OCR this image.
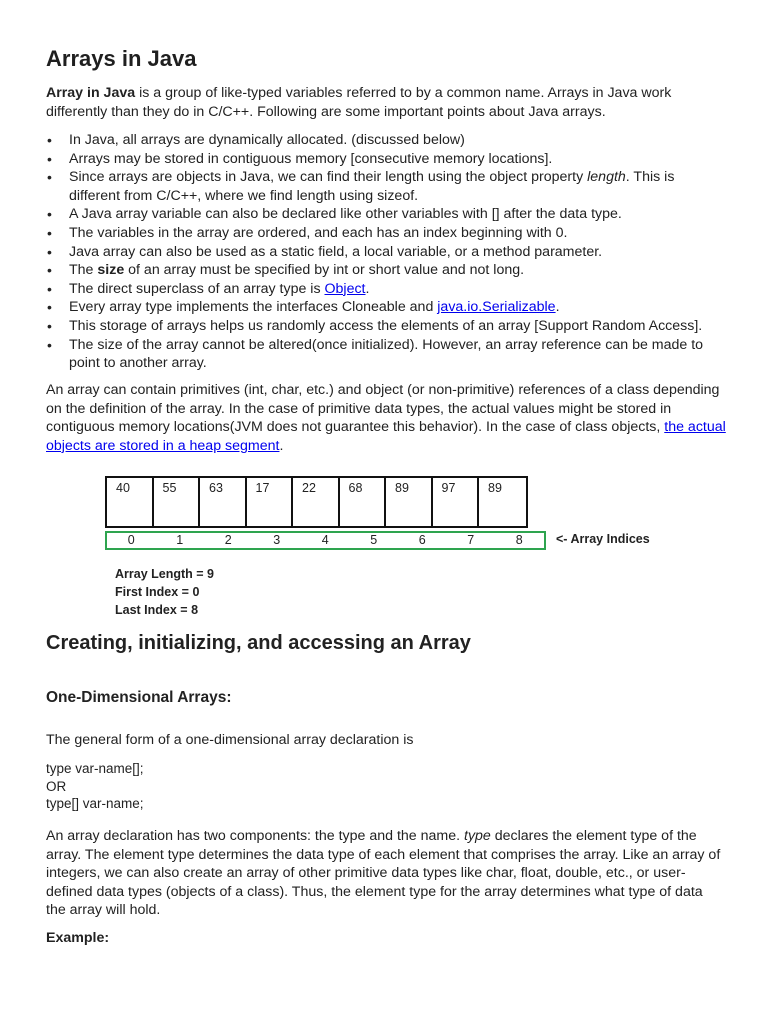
Arrays in Java

Array in Java is a group of like-typed variables referred to by a common name. Arrays in Java work differently than they do in C/C++. Following are some important points about Java arrays.

• In Java, all arrays are dynamically allocated. (discussed below)
• Arrays may be stored in contiguous memory [consecutive memory locations].
• Since arrays are objects in Java, we can find their length using the object property length. This is different from C/C++, where we find length using sizeof.
• A Java array variable can also be declared like other variables with [] after the data type.
• The variables in the array are ordered, and each has an index beginning with 0.
• Java array can also be used as a static field, a local variable, or a method parameter.
• The size of an array must be specified by int or short value and not long.
• The direct superclass of an array type is Object.
• Every array type implements the interfaces Cloneable and java.io.Serializable.
• This storage of arrays helps us randomly access the elements of an array [Support Random Access].
• The size of the array cannot be altered(once initialized). However, an array reference can be made to point to another array.

An array can contain primitives (int, char, etc.) and object (or non-primitive) references of a class depending on the definition of the array. In the case of primitive data types, the actual values might be stored in contiguous memory locations(JVM does not guarantee this behavior). In the case of class objects, the actual objects are stored in a heap segment.

40	55	63	17	22	68	89	97	89
0	1	2	3	4	5	6	7	8	<- Array Indices
Array Length = 9
First Index = 0
Last Index = 8
Creating, initializing, and accessing an Array
One-Dimensional Arrays:

The general form of a one-dimensional array declaration is

type var-name[];
OR
type[] var-name;

An array declaration has two components: the type and the name. type declares the element type of the array. The element type determines the data type of each element that comprises the array. Like an array of integers, we can also create an array of other primitive data types like char, float, double, etc., or user-defined data types (objects of a class). Thus, the element type for the array determines what type of data the array will hold.

Example:
